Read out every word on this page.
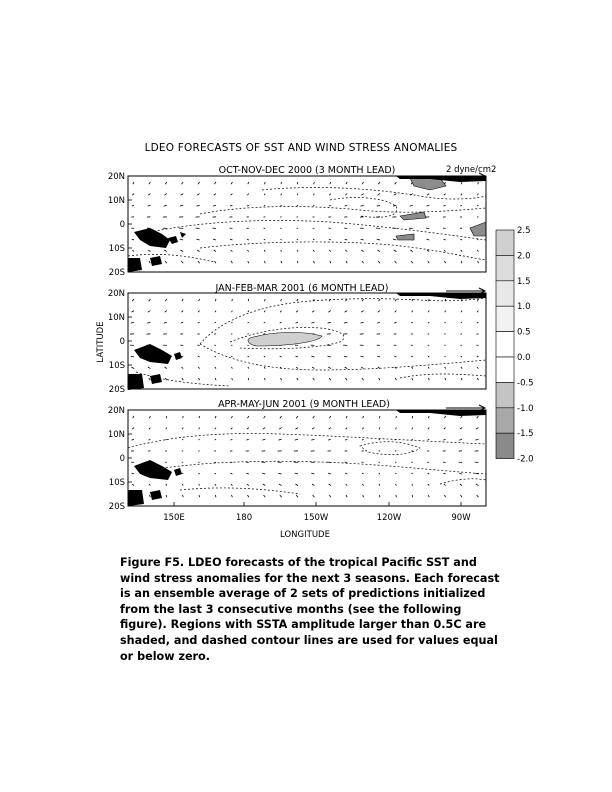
LDEO FORECASTS OF SST AND WIND STRESS ANOMALIES
OCT-NOV-DEC 2000 (3 MONTH LEAD)	2 dyne/cm2
JAN-FEB-MAR 2001 (6 MONTH LEAD)
APR-MAY-JUN 2001 (9 MONTH LEAD)
20N
10N
0
10S
20S
20N
10N
0
10S
20S
20N
10N
0
10S
20S
150E	180	150W	120W	90W
LONGITUDE
LATITUDE
2.5
2.0
1.5
1.0
0.5
0.0
-0.5
-1.0
-1.5
-2.0

Figure F5. LDEO forecasts of the tropical Pacific SST and wind stress anomalies for the next 3 seasons. Each forecast is an ensemble average of 2 sets of predictions initialized from the last 3 consecutive months (see the following figure). Regions with SSTA amplitude larger than 0.5C are shaded, and dashed contour lines are used for values equal or below zero.
